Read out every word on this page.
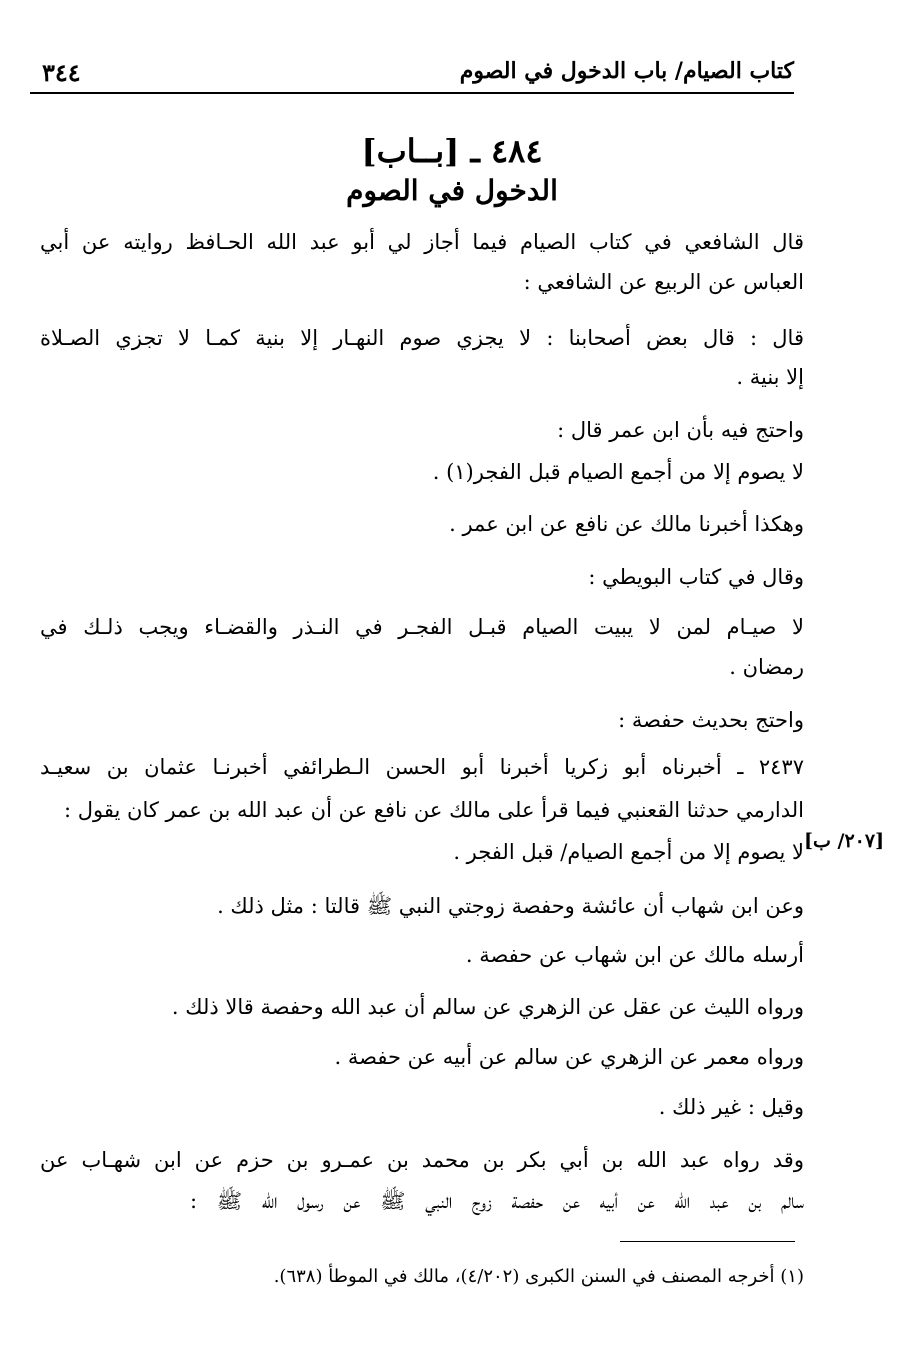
كتاب الصيام/ باب الدخول في الصوم
٣٤٤
٤٨٤ ـ [بــاب]
الدخول في الصوم
قال الشافعي في كتاب الصيام فيما أجاز لي أبو عبد الله الحـافظ روايته عن أبي
العباس عن الربيع عن الشافعي :
قال : قال بعض أصحابنا : لا يجزي صوم النهـار إلا بنية كمـا لا تجزي الصـلاة
إلا بنية .
واحتج فيه بأن ابن عمر قال :
لا يصوم إلا من أجمع الصيام قبل الفجر(١) .
وهكذا أخبرنا مالك عن نافع عن ابن عمر .
وقال في كتاب البويطي :
لا صيـام لمن لا يبيت الصيام قبـل الفجـر في النـذر والقضـاء ويجب ذلـك في
رمضان .
واحتج بحديث حفصة :
٢٤٣٧ ـ أخبرناه أبو زكريا أخبرنا أبو الحسن الـطرائفي أخبرنـا عثمان بن سعيـد
الدارمي حدثنا القعنبي فيما قرأ على مالك عن نافع عن أن عبد الله بن عمر كان يقول :
لا يصوم إلا من أجمع الصيام/ قبل الفجر .
وعن ابن شهاب أن عائشة وحفصة زوجتي النبي ﷺ قالتا : مثل ذلك .
أرسله مالك عن ابن شهاب عن حفصة .
ورواه الليث عن عقل عن الزهري عن سالم أن عبد الله وحفصة قالا ذلك .
ورواه معمر عن الزهري عن سالم عن أبيه عن حفصة .
وقيل : غير ذلك .
وقد رواه عبد الله بن أبي بكر بن محمد بن عمـرو بن حزم عن ابن شهـاب عن
سالم بن عبد الله عن أبيه عن حفصة زوج النبي ﷺ عن رسول الله ﷺ :
[٢٠٧/ ب]
(١) أخرجه المصنف في السنن الكبرى (٤/٢٠٢)، مالك في الموطأ (٦٣٨).
